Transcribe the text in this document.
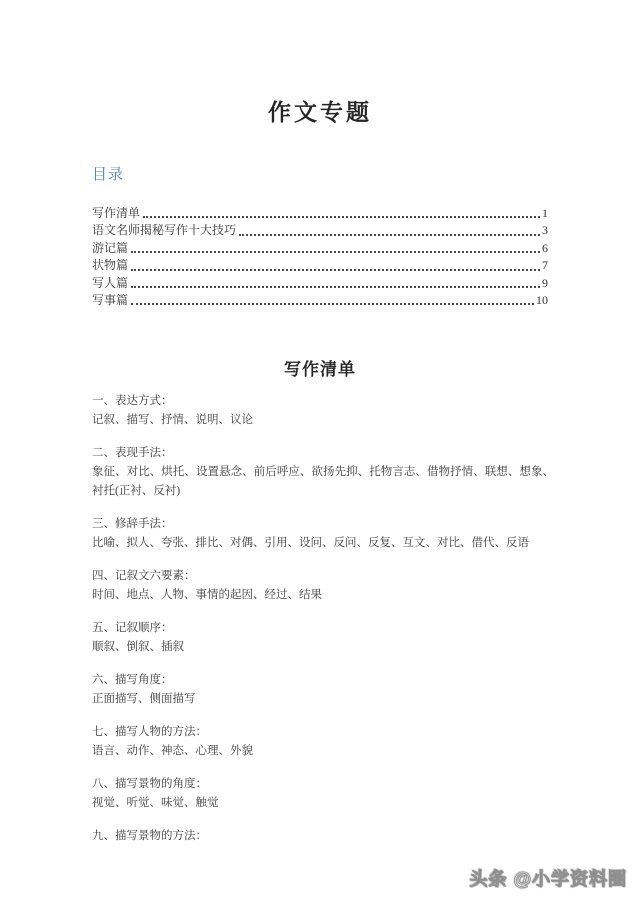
作文专题
目录
写作清单	1
语文名师揭秘写作十大技巧	3
游记篇	6
状物篇	7
写人篇	9
写事篇	10
写作清单

一、表达方式：

记叙、描写、抒情、说明、议论

二、表现手法：

象征、对比、烘托、设置悬念、前后呼应、欲扬先抑、托物言志、借物抒情、联想、想象、衬托(正衬、反衬)

三、修辞手法：

比喻、拟人、夸张、排比、对偶、引用、设问、反问、反复、互文、对比、借代、反语

四、记叙文六要素：

时间、地点、人物、事情的起因、经过、结果

五、记叙顺序：

顺叙、倒叙、插叙

六、描写角度：

正面描写、侧面描写

七、描写人物的方法：

语言、动作、神态、心理、外貌

八、描写景物的角度：

视觉、听觉、味觉、触觉

九、描写景物的方法：

头条 @小学资料圈
